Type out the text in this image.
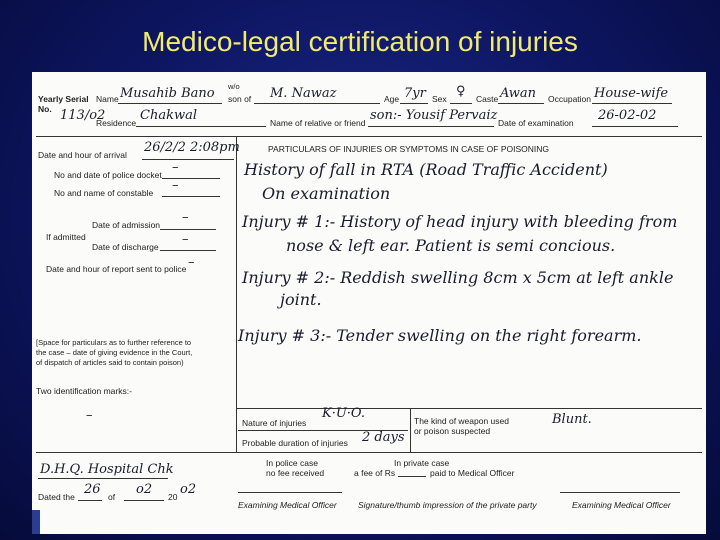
Medico-legal certification of injuries
Yearly Serial
No. 113/o2
Name Musahib Bano w/o
son of M. Nawaz	Age 7yr Sex ♀ Caste Awan Occupation House-wife
Residence Chakwal	Name of relative or friend son:- Yousif Pervaiz Date of examination 26-02-02
PARTICULARS OF INJURIES OR SYMPTOMS IN CASE OF POISONING
Date and hour of arrival 26/2/2 2:08pm
No and date of police docket –
No and name of constable –
Date of admission –
If admitted
Date of discharge –
Date and hour of report sent to police –
[Space for particulars as to further reference to
the case – date of giving evidence in the Court,
of dispatch of articles said to contain poison)
Two identification marks:-
–
History of fall in RTA (Road Traffic Accident)
On examination
Injury # 1:- History of head injury with bleeding from
nose & left ear. Patient is semi concious.
Injury # 2:- Reddish swelling 8cm x 5cm at left ankle
joint.
Injury # 3:- Tender swelling on the right forearm.
Nature of injuries
K·U·O.
Probable duration of injuries 2 days
The kind of weapon used
or poison suspected
Blunt.
In police case
no fee received
In private case
a fee of Rs	paid to Medical Officer
D.H.Q. Hospital Chk
Dated the 26 of o2 20 o2
Examining Medical Officer	Signature/thumb impression of the private party	Examining Medical Officer
